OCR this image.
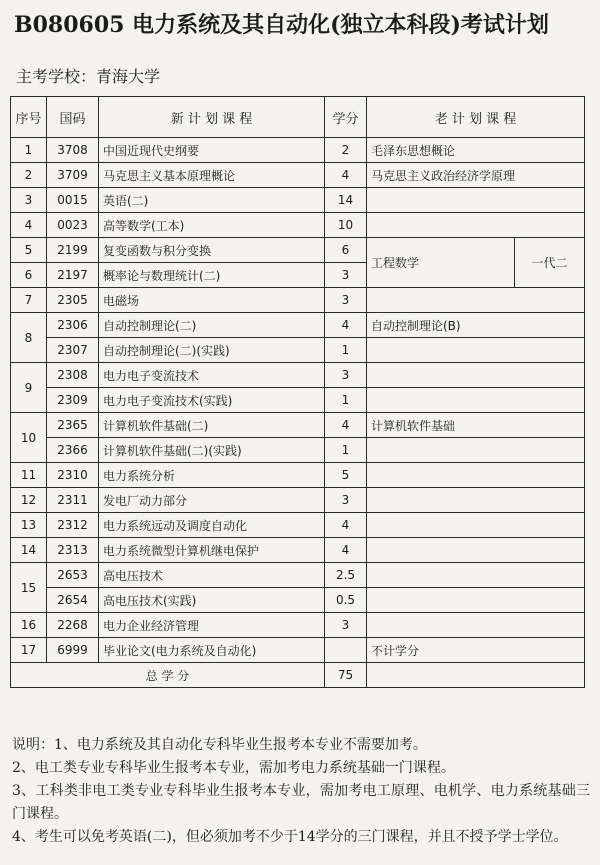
B080605 电力系统及其自动化(独立本科段)考试计划
主考学校：青海大学
序号	国码	新 计 划 课 程	学分	老 计 划 课 程	
1	3708	中国近现代史纲要	2	毛泽东思想概论	
2	3709	马克思主义基本原理概论	4	马克思主义政治经济学原理	
3	0015	英语(二)	14		
4	0023	高等数学(工本)	10		
5	2199	复变函数与积分变换	6	工程数学	一代二
6	2197	概率论与数理统计(二)	3		
7	2305	电磁场	3		
8	2306	自动控制理论(二)	4	自动控制理论(B)	
	2307	自动控制理论(二)(实践)	1		
9	2308	电力电子变流技术	3		
	2309	电力电子变流技术(实践)	1		
10	2365	计算机软件基础(二)	4	计算机软件基础	
	2366	计算机软件基础(二)(实践)	1		
11	2310	电力系统分析	5		
12	2311	发电厂动力部分	3		
13	2312	电力系统远动及调度自动化	4		
14	2313	电力系统微型计算机继电保护	4		
15	2653	高电压技术	2.5		
	2654	高电压技术(实践)	0.5		
16	2268	电力企业经济管理	3		
17	6999	毕业论文(电力系统及自动化)		不计学分	
总 学 分			75		

说明：1、电力系统及其自动化专科毕业生报考本专业不需要加考。

2、电工类专业专科毕业生报考本专业，需加考电力系统基础一门课程。

3、工科类非电工类专业专科毕业生报考本专业，需加考电工原理、电机学、电力系统基础三门课程。

4、考生可以免考英语(二)，但必须加考不少于14学分的三门课程，并且不授予学士学位。
